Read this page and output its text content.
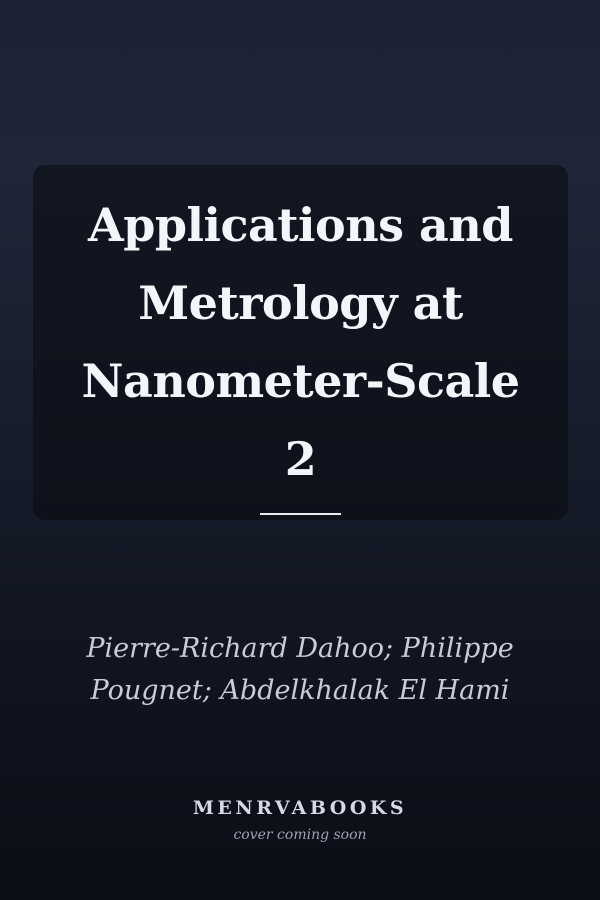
Applications and
Metrology at
Nanometer-Scale
2

Pierre-Richard Dahoo; Philippe
Pougnet; Abdelkhalak El Hami

MENRVABOOKS
cover coming soon
